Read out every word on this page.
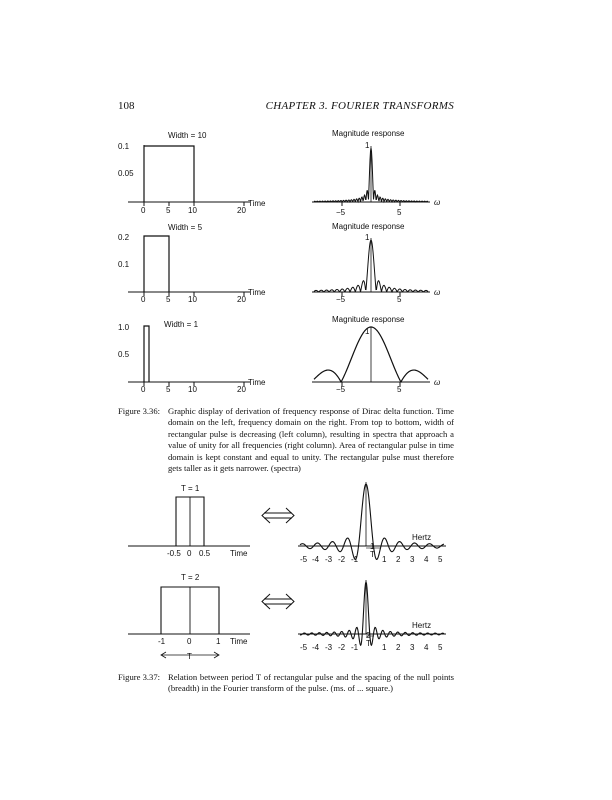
108	CHAPTER 3. FOURIER TRANSFORMS
Width = 10
0.1
0.05
0	5 10	20
Time
Magnitude response
1
−5	5
ω
Width = 5
0.2
0.1
0	5 10	20
Time
Magnitude response
1
−5	5
ω
Width = 1
1.0
0.5
0	5 10	20
Time
Magnitude response
1
−5	5
ω
Figure 3.36: Graphic display of derivation of frequency response of Dirac delta function. Time domain on the left, frequency domain on the right. From top to bottom, width of rectangular pulse is decreasing (left column), resulting in spectra that approach a value of unity for all frequencies (right column). Area of rectangular pulse in time domain is kept constant and equal to unity. The rectangular pulse must therefore gets taller as it gets narrower. (spectra)
T = 1
-0.5 0 0.5 Time
Hertz
1
T
T = 2
-1	0	1 Time
T
Hertz
2
T
-5 -4 -3 -2 -1	1 2 3 4 5
-5 -4 -3 -2 -1	1 2 3 4 5
Figure 3.37: Relation between period T of rectangular pulse and the spacing of the null points (breadth) in the Fourier transform of the pulse. (ms. of ... square.)
